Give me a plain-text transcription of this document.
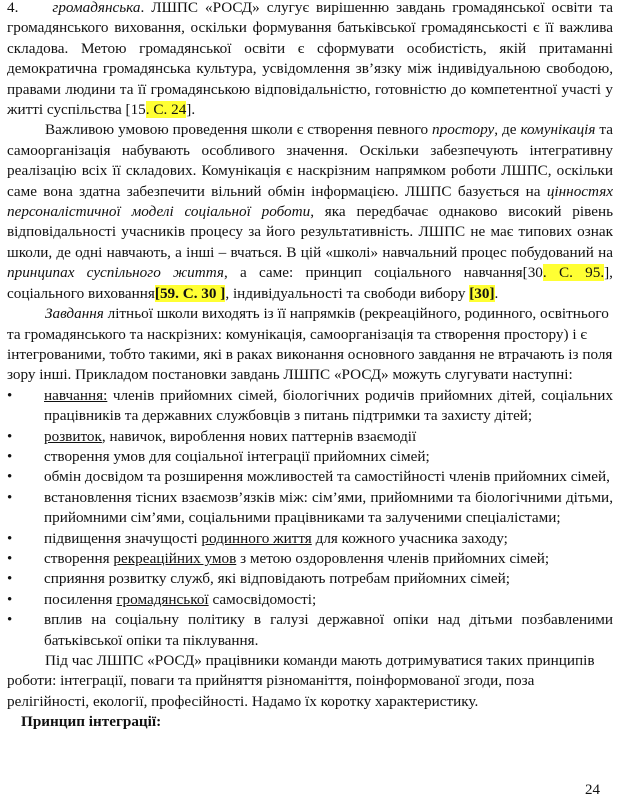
4. громадянська. ЛШПС «РОСД» слугує вирішенню завдань громадянської освіти та громадянського виховання, оскільки формування батьківської громадянськості є її важлива складова. Метою громадянської освіти є сформувати особистість, якій притаманні демократична громадянська культура, усвідомлення зв’язку між індивідуальною свободою, правами людини та її громадянською відповідальністю, готовністю до компетентної участі у житті суспільства [15. С. 24].

Важливою умовою проведення школи є створення певного простору, де комунікація та самоорганізація набувають особливого значення. Оскільки забезпечують інтегративну реалізацію всіх її складових. Комунікація є наскрізним напрямком роботи ЛШПС, оскільки саме вона здатна забезпечити вільний обмін інформацією. ЛШПС базується на цінностях персоналістичної моделі соціальної роботи, яка передбачає однаково високий рівень відповідальності учасників процесу за його результативність. ЛШПС не має типових ознак школи, де одні навчають, а інші – вчаться. В цій «школі» навчальний процес побудований на принципах суспільного життя, а саме: принцип соціального навчання[30. С. 95.], соціального виховання[59. С. 30 ], індивідуальності та свободи вибору [30].

Завдання літньої школи виходять із її напрямків (рекреаційного, родинного, освітнього та громадянського та наскрізних: комунікація, самоорганізація та створення простору) і є інтегрованими, тобто такими, які в раках виконання основного завдання не втрачають із поля зору інші. Прикладом постановки завдань ЛШПС «РОСД» можуть слугувати наступні:

• навчання: членів прийомних сімей, біологічних родичів прийомних дітей, соціальних працівників та державних службовців з питань підтримки та захисту дітей;
• розвиток, навичок, вироблення нових паттернів взаємодії
• створення умов для соціальної інтеграції прийомних сімей;
• обмін досвідом та розширення можливостей та самостійності членів прийомних сімей,
• встановлення тісних взаємозв’язків між: сім’ями, прийомними та біологічними дітьми, прийомними сім’ями, соціальними працівниками та залученими спеціалістами;
• підвищення значущості родинного життя для кожного учасника заходу;
• створення рекреаційних умов з метою оздоровлення членів прийомних сімей;
• сприяння розвитку служб, які відповідають потребам прийомних сімей;
• посилення громадянської самосвідомості;
• вплив на соціальну політику в галузі державної опіки над дітьми позбавленими батьківської опіки та піклування.

Під час ЛШПС «РОСД» працівники команди мають дотримуватися таких принципів роботи: інтеграції, поваги та прийняття різноманіття, поінформованої згоди, поза релігійності, екології, професійності. Надамо їх коротку характеристику.

Принцип інтеграції:

24
